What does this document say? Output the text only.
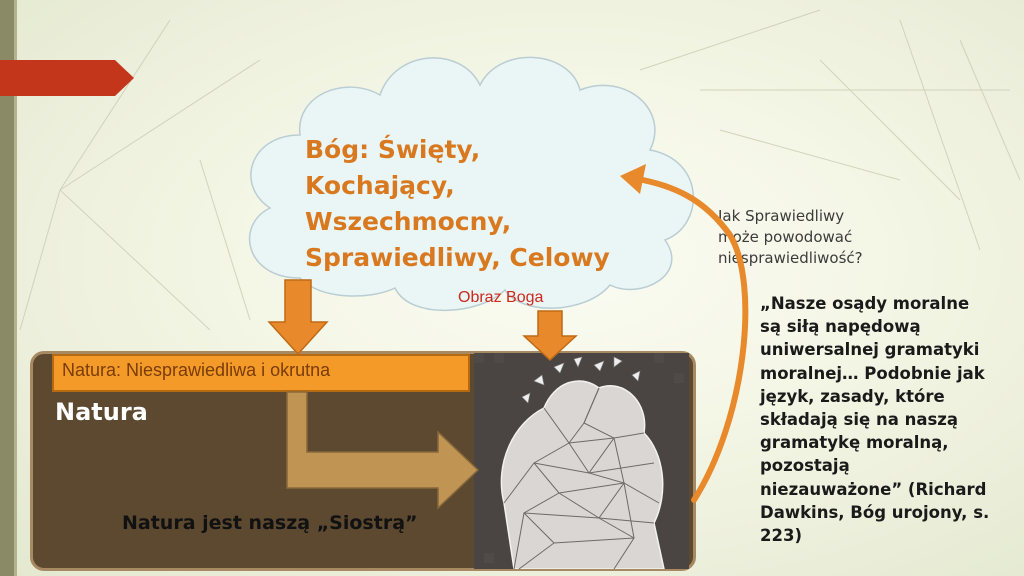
Bóg: Święty,
Kochający,
Wszechmocny,
Sprawiedliwy, Celowy
Jak Sprawiedliwy
może powodować
niesprawiedliwość?
Obraz Boga
Natura: Niesprawiedliwa i okrutna
Natura
Natura jest naszą „Siostrą”
„Nasze osądy moralne
są siłą napędową
uniwersalnej gramatyki
moralnej… Podobnie jak
język, zasady, które
składają się na naszą
gramatykę moralną,
pozostają
niezauważone” (Richard
Dawkins, Bóg urojony, s.
223)
